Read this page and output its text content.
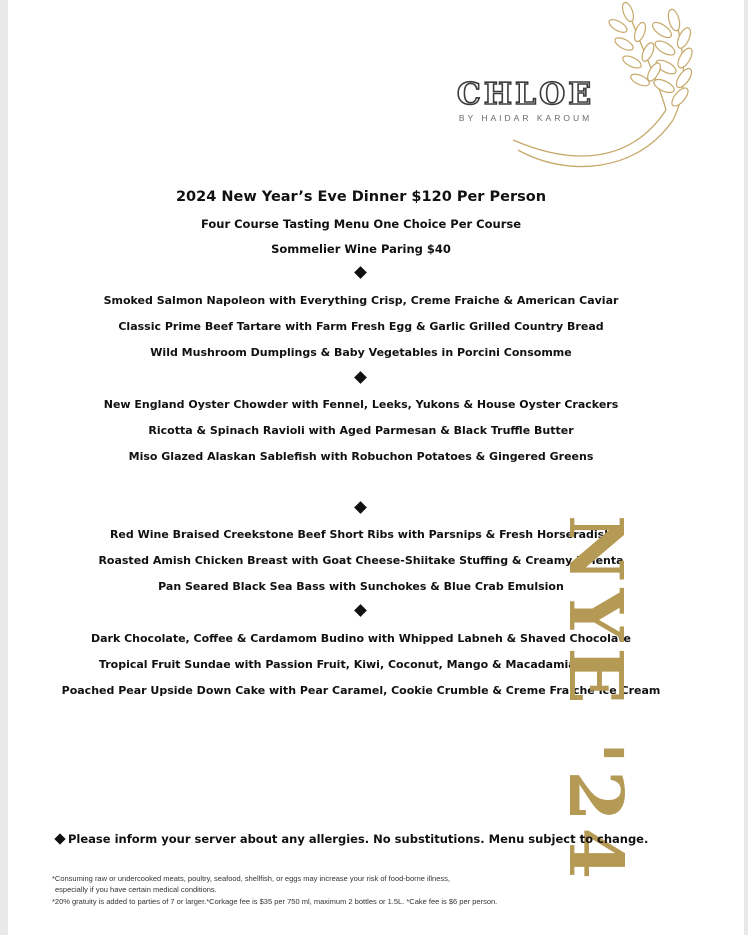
CHLOE
BY HAIDAR KAROUM
2024 New Year’s Eve Dinner $120 Per Person
Four Course Tasting Menu One Choice Per Course
Sommelier Wine Paring $40
Smoked Salmon Napoleon with Everything Crisp, Creme Fraiche & American Caviar
Classic Prime Beef Tartare with Farm Fresh Egg & Garlic Grilled Country Bread
Wild Mushroom Dumplings & Baby Vegetables in Porcini Consomme
New England Oyster Chowder with Fennel, Leeks, Yukons & House Oyster Crackers
Ricotta & Spinach Ravioli with Aged Parmesan & Black Truffle Butter
Miso Glazed Alaskan Sablefish with Robuchon Potatoes & Gingered Greens
Red Wine Braised Creekstone Beef Short Ribs with Parsnips & Fresh Horseradish
Roasted Amish Chicken Breast with Goat Cheese-Shiitake Stuffing & Creamy Polenta
Pan Seared Black Sea Bass with Sunchokes & Blue Crab Emulsion
Dark Chocolate, Coffee & Cardamom Budino with Whipped Labneh & Shaved Chocolate
Tropical Fruit Sundae with Passion Fruit, Kiwi, Coconut, Mango & Macadamia Crunch
Poached Pear Upside Down Cake with Pear Caramel, Cookie Crumble & Creme Fraiche Ice Cream
NYE '24
Please inform your server about any allergies. No substitutions. Menu subject to change.
*Consuming raw or undercooked meats, poultry, seafood, shellfish, or eggs may increase your risk of food-borne illness,
especially if you have certain medical conditions.
*20% gratuity is added to parties of 7 or larger.*Corkage fee is $35 per 750 ml, maximum 2 bottles or 1.5L. *Cake fee is $6 per person.
